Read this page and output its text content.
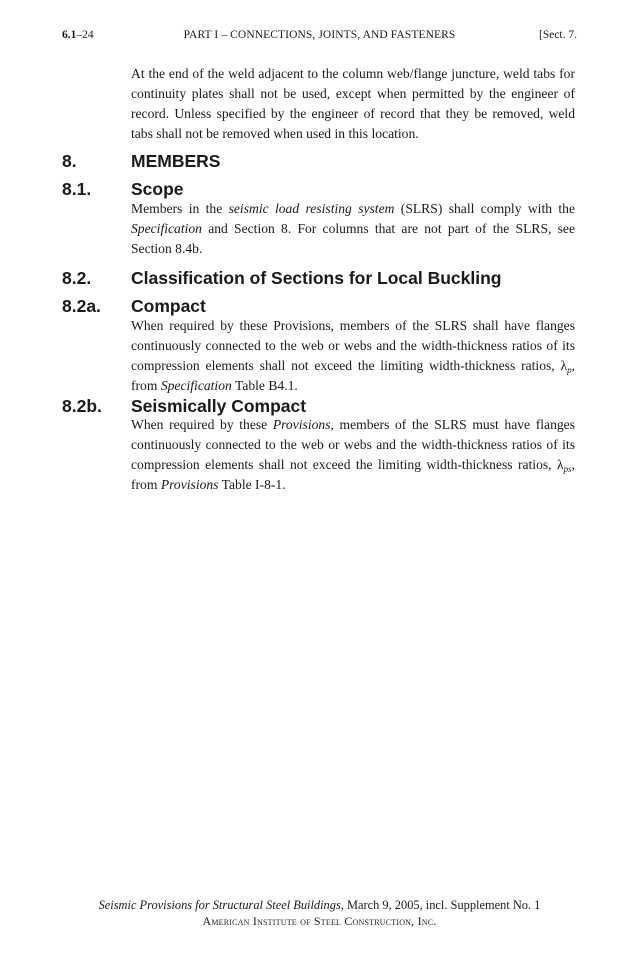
6.1–24	PART I – CONNECTIONS, JOINTS, AND FASTENERS	[Sect. 7.

At the end of the weld adjacent to the column web/flange juncture, weld tabs for continuity plates shall not be used, except when permitted by the engineer of record. Unless specified by the engineer of record that they be removed, weld tabs shall not be removed when used in this location.

8.	MEMBERS
8.1. Scope

Members in the seismic load resisting system (SLRS) shall comply with the Specification and Section 8. For columns that are not part of the SLRS, see Section 8.4b.

8.2. Classification of Sections for Local Buckling
8.2a. Compact

When required by these Provisions, members of the SLRS shall have flanges continuously connected to the web or webs and the width-thickness ratios of its compression elements shall not exceed the limiting width-thickness ratios, $\lambda_p$, from Specification Table B4.1.

8.2b. Seismically Compact

When required by these Provisions, members of the SLRS must have flanges continuously connected to the web or webs and the width-thickness ratios of its compression elements shall not exceed the limiting width-thickness ratios, $\lambda_{ps}$, from Provisions Table I-8-1.

Seismic Provisions for Structural Steel Buildings, March 9, 2005, incl. Supplement No. 1
American Institute of Steel Construction, Inc.
